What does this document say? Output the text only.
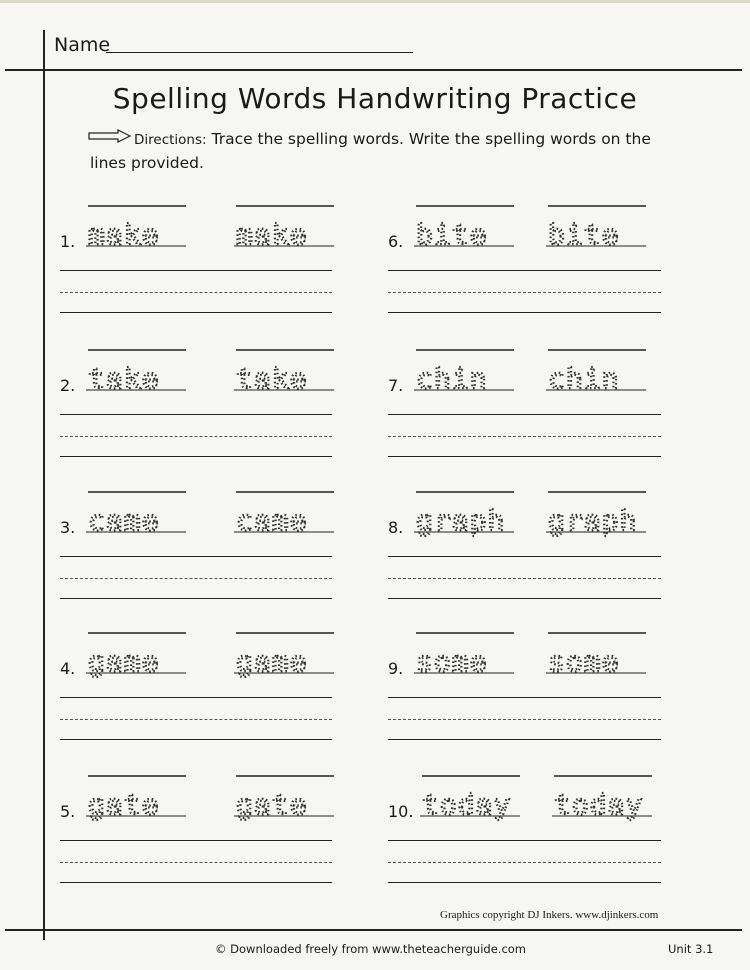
Name
Spelling Words Handwriting Practice
Directions: Trace the spelling words. Write the spelling words on the lines provided.
1. make	make
2. take	take
3. came	came
4. game	game
5. gate	gate
6. bite bite
7. chin chin
8. graph graph
9. some some
10. today today
Graphics copyright DJ Inkers. www.djinkers.com
© Downloaded freely from www.theteacherguide.com	Unit 3.1
